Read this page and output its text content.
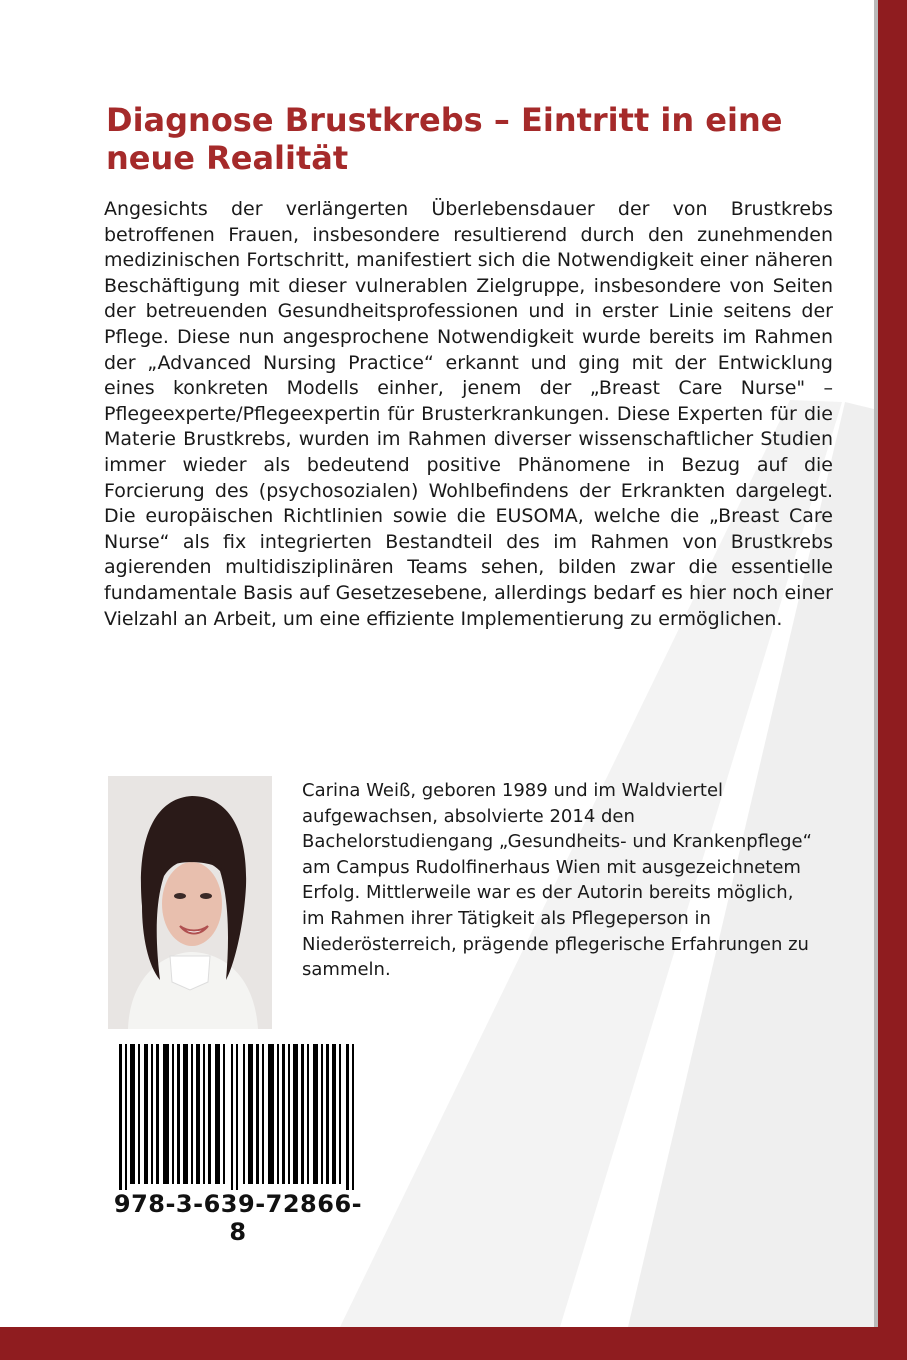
Diagnose Brustkrebs – Eintritt in eine neue Realität

Angesichts der verlängerten Überlebensdauer der von Brustkrebs betroffenen Frauen, insbesondere resultierend durch den zunehmenden medizinischen Fortschritt, manifestiert sich die Notwendigkeit einer näheren Beschäftigung mit dieser vulnerablen Zielgruppe, insbesondere von Seiten der betreuenden Gesundheitsprofessionen und in erster Linie seitens der Pflege. Diese nun angesprochene Notwendigkeit wurde bereits im Rahmen der „Advanced Nursing Practice“ erkannt und ging mit der Entwicklung eines konkreten Modells einher, jenem der „Breast Care Nurse" – Pflegeexperte/Pflegeexpertin für Brusterkrankungen. Diese Experten für die Materie Brustkrebs, wurden im Rahmen diverser wissenschaftlicher Studien immer wieder als bedeutend positive Phänomene in Bezug auf die Forcierung des (psychosozialen) Wohlbefindens der Erkrankten dargelegt. Die europäischen Richtlinien sowie die EUSOMA, welche die „Breast Care Nurse“ als fix integrierten Bestandteil des im Rahmen von Brustkrebs agierenden multidisziplinären Teams sehen, bilden zwar die essentielle fundamentale Basis auf Gesetzesebene, allerdings bedarf es hier noch einer Vielzahl an Arbeit, um eine effiziente Implementierung zu ermöglichen.

Carina Weiß, geboren 1989 und im Waldviertel aufgewachsen, absolvierte 2014 den Bachelorstudiengang „Gesundheits- und Krankenpflege“ am Campus Rudolfinerhaus Wien mit ausgezeichnetem Erfolg. Mittlerweile war es der Autorin bereits möglich, im Rahmen ihrer Tätigkeit als Pflegeperson in Niederösterreich, prägende pflegerische Erfahrungen zu sammeln.

978-3-639-72866-8
